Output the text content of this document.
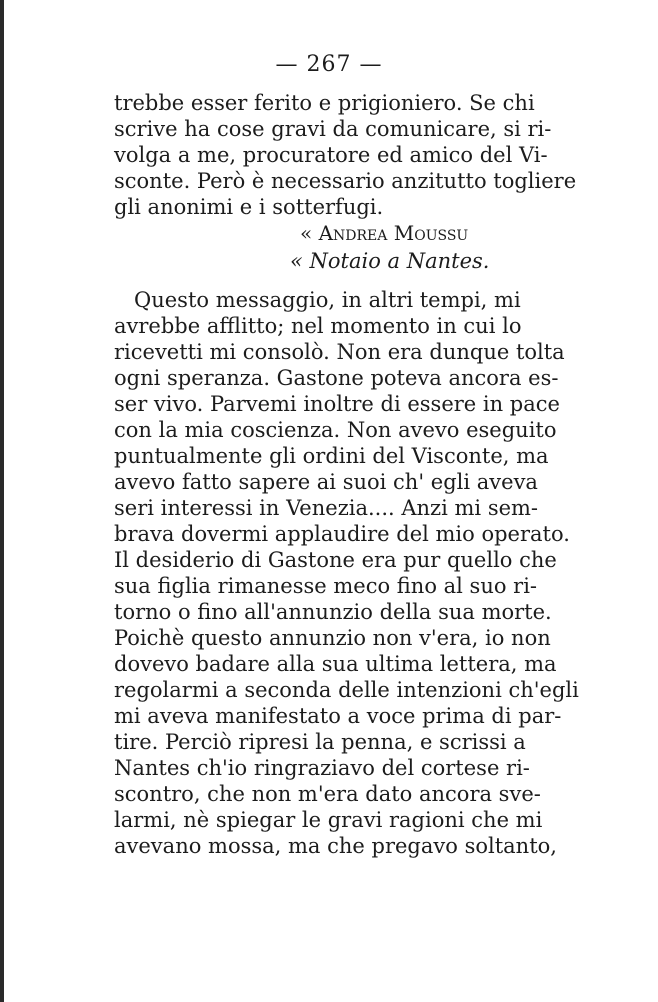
— 267 —
trebbe esser ferito e prigioniero. Se chi
scrive ha cose gravi da comunicare, si ri-
volga a me, procuratore ed amico del Vi-
sconte. Però è necessario anzitutto togliere
gli anonimi e i sotterfugi.
« Andrea Moussu
« Notaio a Nantes.
Questo messaggio, in altri tempi, mi
avrebbe afflitto; nel momento in cui lo
ricevetti mi consolò. Non era dunque tolta
ogni speranza. Gastone poteva ancora es-
ser vivo. Parvemi inoltre di essere in pace
con la mia coscienza. Non avevo eseguito
puntualmente gli ordini del Visconte, ma
avevo fatto sapere ai suoi ch' egli aveva
seri interessi in Venezia.... Anzi mi sem-
brava dovermi applaudire del mio operato.
Il desiderio di Gastone era pur quello che
sua figlia rimanesse meco fino al suo ri-
torno o fino all'annunzio della sua morte.
Poichè questo annunzio non v'era, io non
dovevo badare alla sua ultima lettera, ma
regolarmi a seconda delle intenzioni ch'egli
mi aveva manifestato a voce prima di par-
tire. Perciò ripresi la penna, e scrissi a
Nantes ch'io ringraziavo del cortese ri-
scontro, che non m'era dato ancora sve-
larmi, nè spiegar le gravi ragioni che mi
avevano mossa, ma che pregavo soltanto,
